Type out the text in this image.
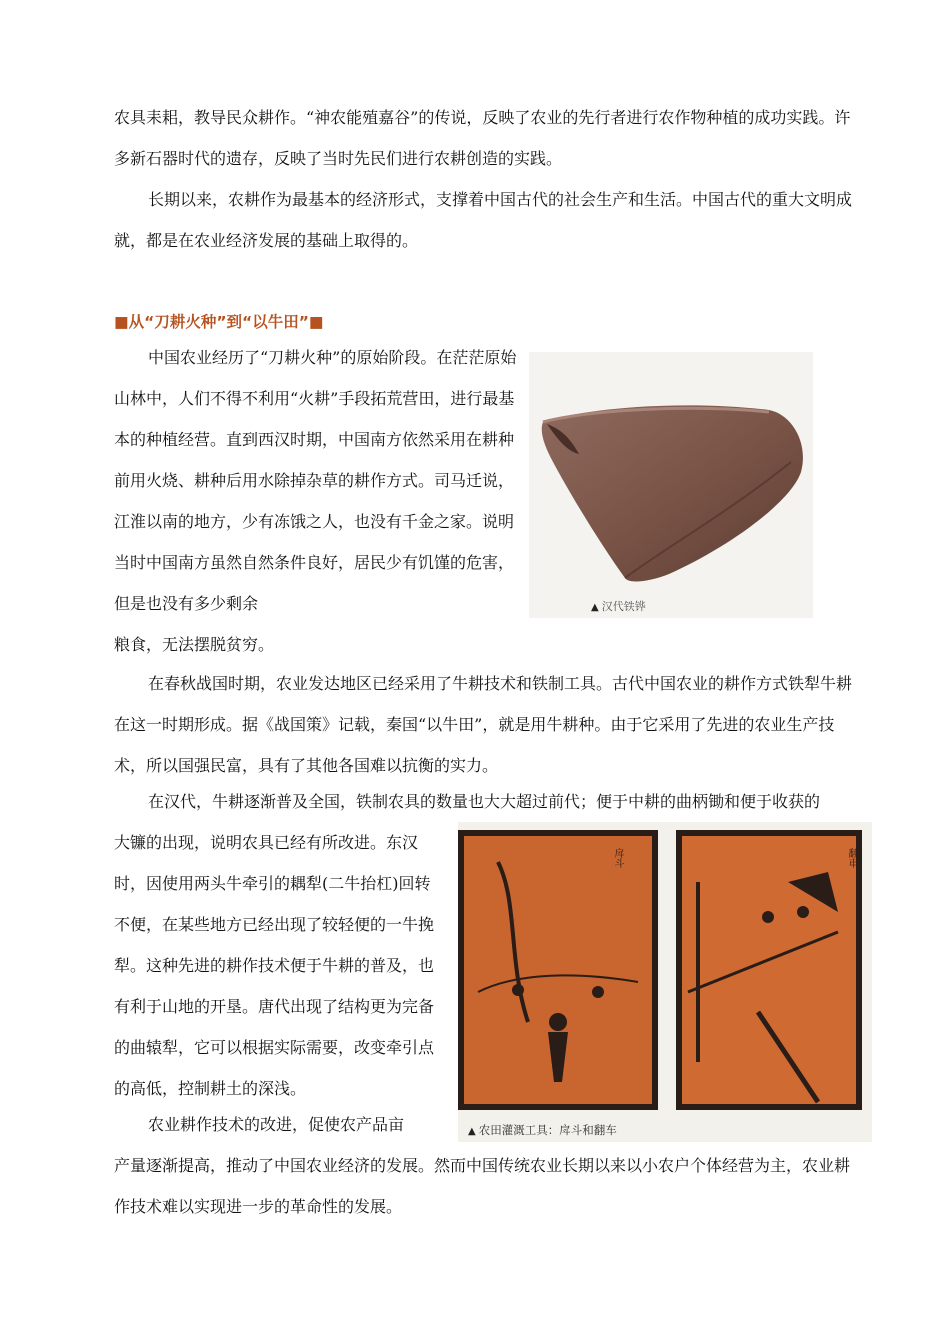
农具耒耜，教导民众耕作。“神农能殖嘉谷”的传说，反映了农业的先行者进行农作物种植的成功实践。许多新石器时代的遗存，反映了当时先民们进行农耕创造的实践。

长期以来，农耕作为最基本的经济形式，支撑着中国古代的社会生产和生活。中国古代的重大文明成就，都是在农业经济发展的基础上取得的。

■从“刀耕火种”到“以牛田”■

中国农业经历了“刀耕火种”的原始阶段。在茫茫原始山林中，人们不得不利用“火耕”手段拓荒营田，进行最基本的种植经营。直到西汉时期，中国南方依然采用在耕种前用火烧、耕种后用水除掉杂草的耕作方式。司马迁说，江淮以南的地方，少有冻饿之人，也没有千金之家。说明当时中国南方虽然自然条件良好，居民少有饥馑的危害，但是也没有多少剩余

粮食，无法摆脱贫穷。

▲ 汉代铁铧

在春秋战国时期，农业发达地区已经采用了牛耕技术和铁制工具。古代中国农业的耕作方式铁犁牛耕在这一时期形成。据《战国策》记载，秦国“以牛田”，就是用牛耕种。由于它采用了先进的农业生产技术，所以国强民富，具有了其他各国难以抗衡的实力。

在汉代，牛耕逐渐普及全国，铁制农具的数量也大大超过前代；便于中耕的曲柄锄和便于收获的

大镰的出现，说明农具已经有所改进。东汉时，因使用两头牛牵引的耦犁(二牛抬杠)回转不便，在某些地方已经出现了较轻便的一牛挽犁。这种先进的耕作技术便于牛耕的普及，也有利于山地的开垦。唐代出现了结构更为完备的曲辕犁，它可以根据实际需要，改变牵引点的高低，控制耕土的深浅。

戽斗	翻車
▲ 农田灌溉工具：戽斗和翻车

农业耕作技术的改进，促使农产品亩

产量逐渐提高，推动了中国农业经济的发展。然而中国传统农业长期以来以小农户个体经营为主，农业耕作技术难以实现进一步的革命性的发展。
